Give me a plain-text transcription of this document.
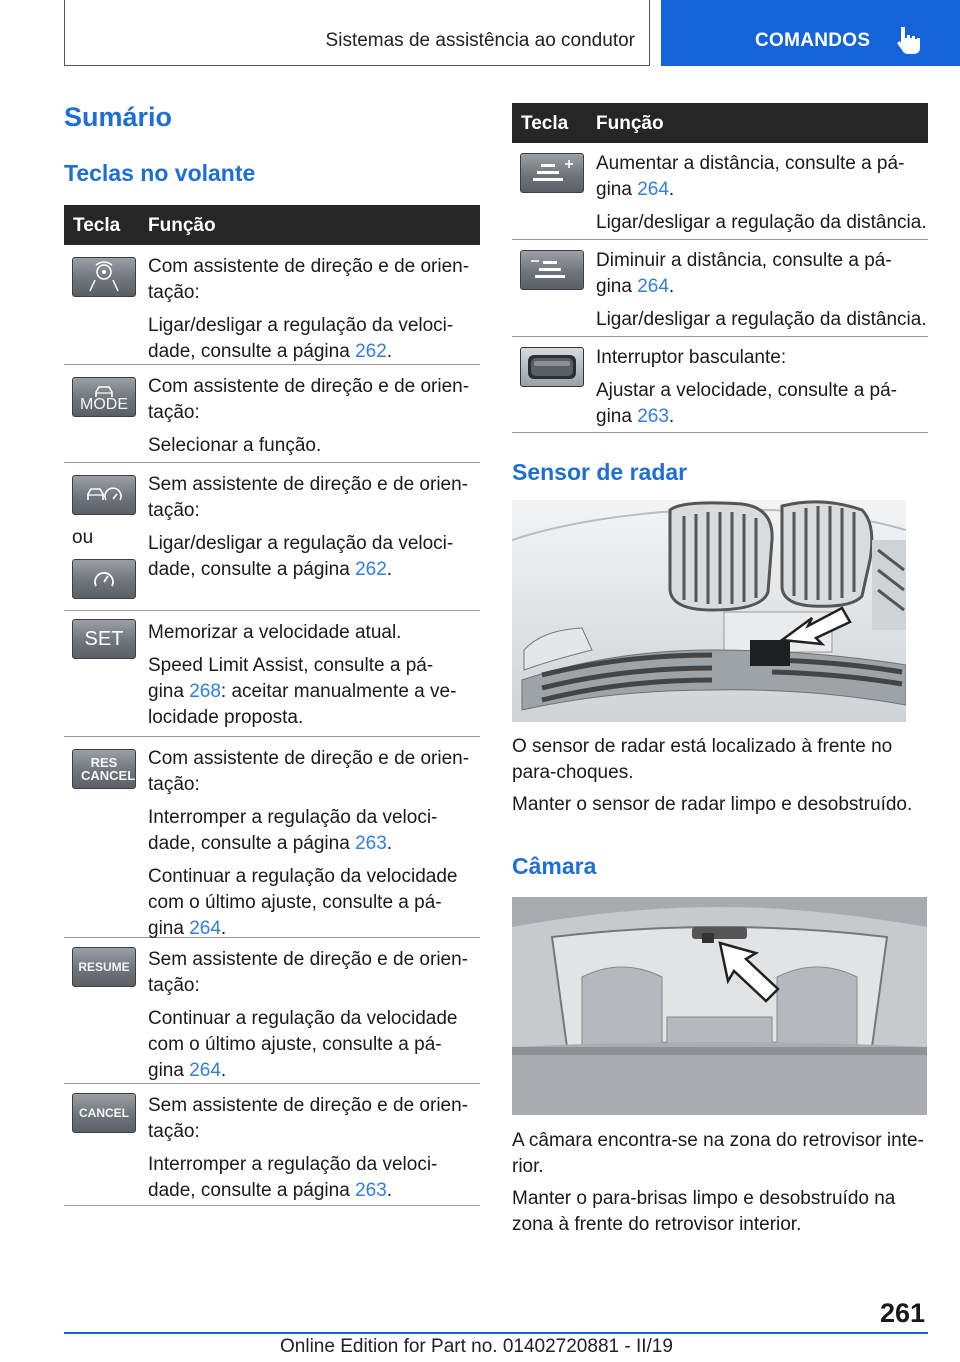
Sistemas de assistência ao condutor	COMANDOS
Sumário
Teclas no volante
Tecla Função

Com assistente de direção e de orien-
tação:

Ligar/desligar a regulação da veloci-
dade, consulte a página 262.

MODE

Com assistente de direção e de orien-
tação:

Selecionar a função.

ou

Sem assistente de direção e de orien-
tação:

Ligar/desligar a regulação da veloci-
dade, consulte a página 262.

SET Memorizar a velocidade atual.

Speed Limit Assist, consulte a pá-
gina 268: aceitar manualmente a ve-
locidade proposta.

RES CANCEL

Com assistente de direção e de orien-
tação:

Interromper a regulação da veloci-
dade, consulte a página 263.

Continuar a regulação da velocidade
com o último ajuste, consulte a pá-
gina 264.

RESUME Sem assistente de direção e de orien-
tação:

Continuar a regulação da velocidade
com o último ajuste, consulte a pá-
gina 264.

CANCEL Sem assistente de direção e de orien-
tação:

Interromper a regulação da veloci-
dade, consulte a página 263.

Tecla Função

Aumentar a distância, consulte a pá-
gina 264.

Ligar/desligar a regulação da distância.

Diminuir a distância, consulte a pá-
gina 264.

Ligar/desligar a regulação da distância.

Interruptor basculante:

Ajustar a velocidade, consulte a pá-
gina 263.

Sensor de radar
O sensor de radar está localizado à frente no
para-choques.
Manter o sensor de radar limpo e desobstruído.
Câmara
A câmara encontra-se na zona do retrovisor inte-
rior.
Manter o para-brisas limpo e desobstruído na
zona à frente do retrovisor interior.
261
Online Edition for Part no. 01402720881 - II/19
